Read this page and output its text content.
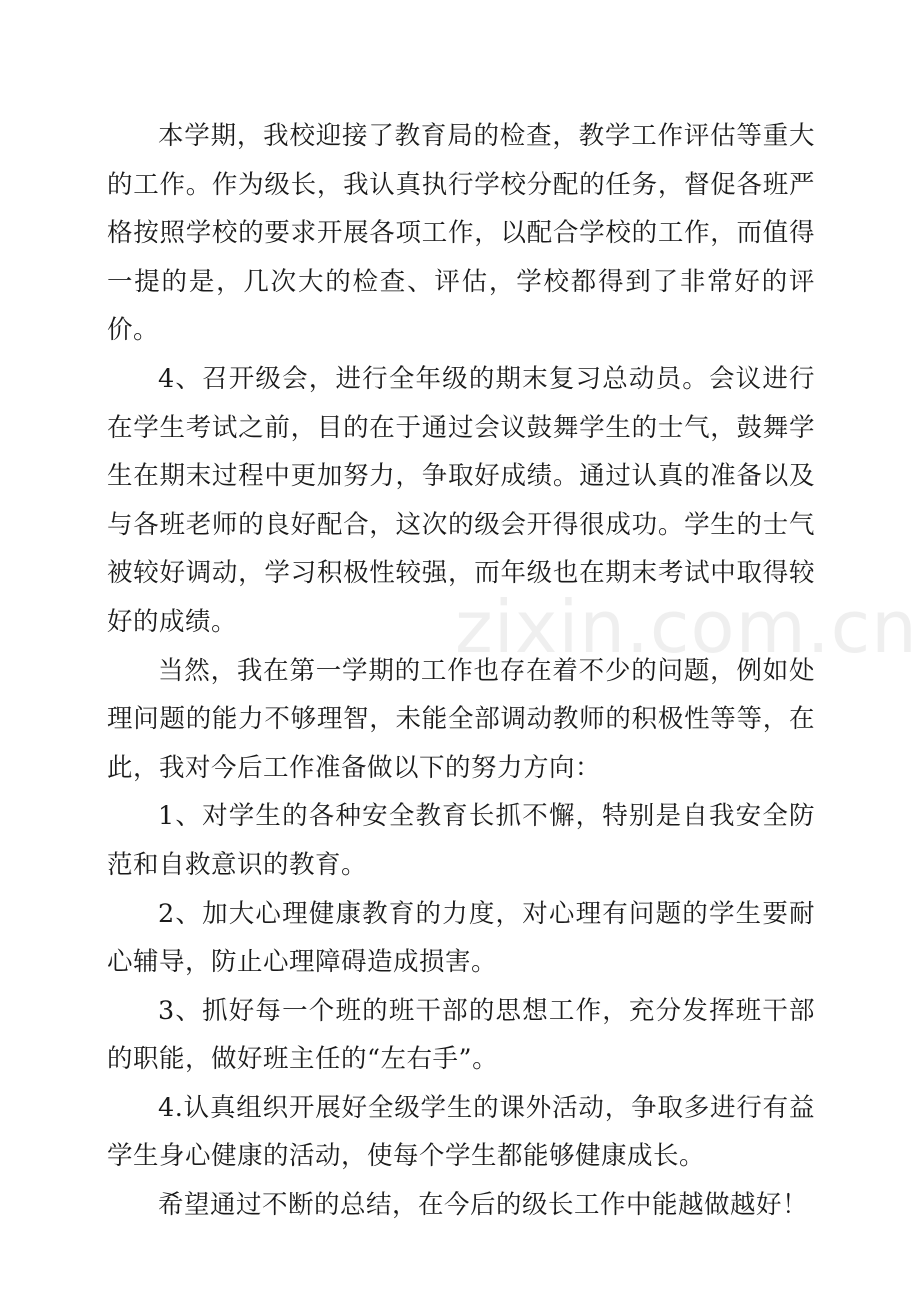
本学期，我校迎接了教育局的检查，教学工作评估等重大的工作。作为级长，我认真执行学校分配的任务，督促各班严格按照学校的要求开展各项工作，以配合学校的工作，而值得一提的是，几次大的检查、评估，学校都得到了非常好的评价。

4、召开级会，进行全年级的期末复习总动员。会议进行在学生考试之前，目的在于通过会议鼓舞学生的士气，鼓舞学生在期末过程中更加努力，争取好成绩。通过认真的准备以及与各班老师的良好配合，这次的级会开得很成功。学生的士气被较好调动，学习积极性较强，而年级也在期末考试中取得较好的成绩。

当然，我在第一学期的工作也存在着不少的问题，例如处理问题的能力不够理智，未能全部调动教师的积极性等等，在此，我对今后工作准备做以下的努力方向：

1、对学生的各种安全教育长抓不懈，特别是自我安全防范和自救意识的教育。

2、加大心理健康教育的力度，对心理有问题的学生要耐心辅导，防止心理障碍造成损害。

3、抓好每一个班的班干部的思想工作，充分发挥班干部的职能，做好班主任的“左右手”。

4.认真组织开展好全级学生的课外活动，争取多进行有益学生身心健康的活动，使每个学生都能够健康成长。

希望通过不断的总结，在今后的级长工作中能越做越好！

zixin.com.cn
